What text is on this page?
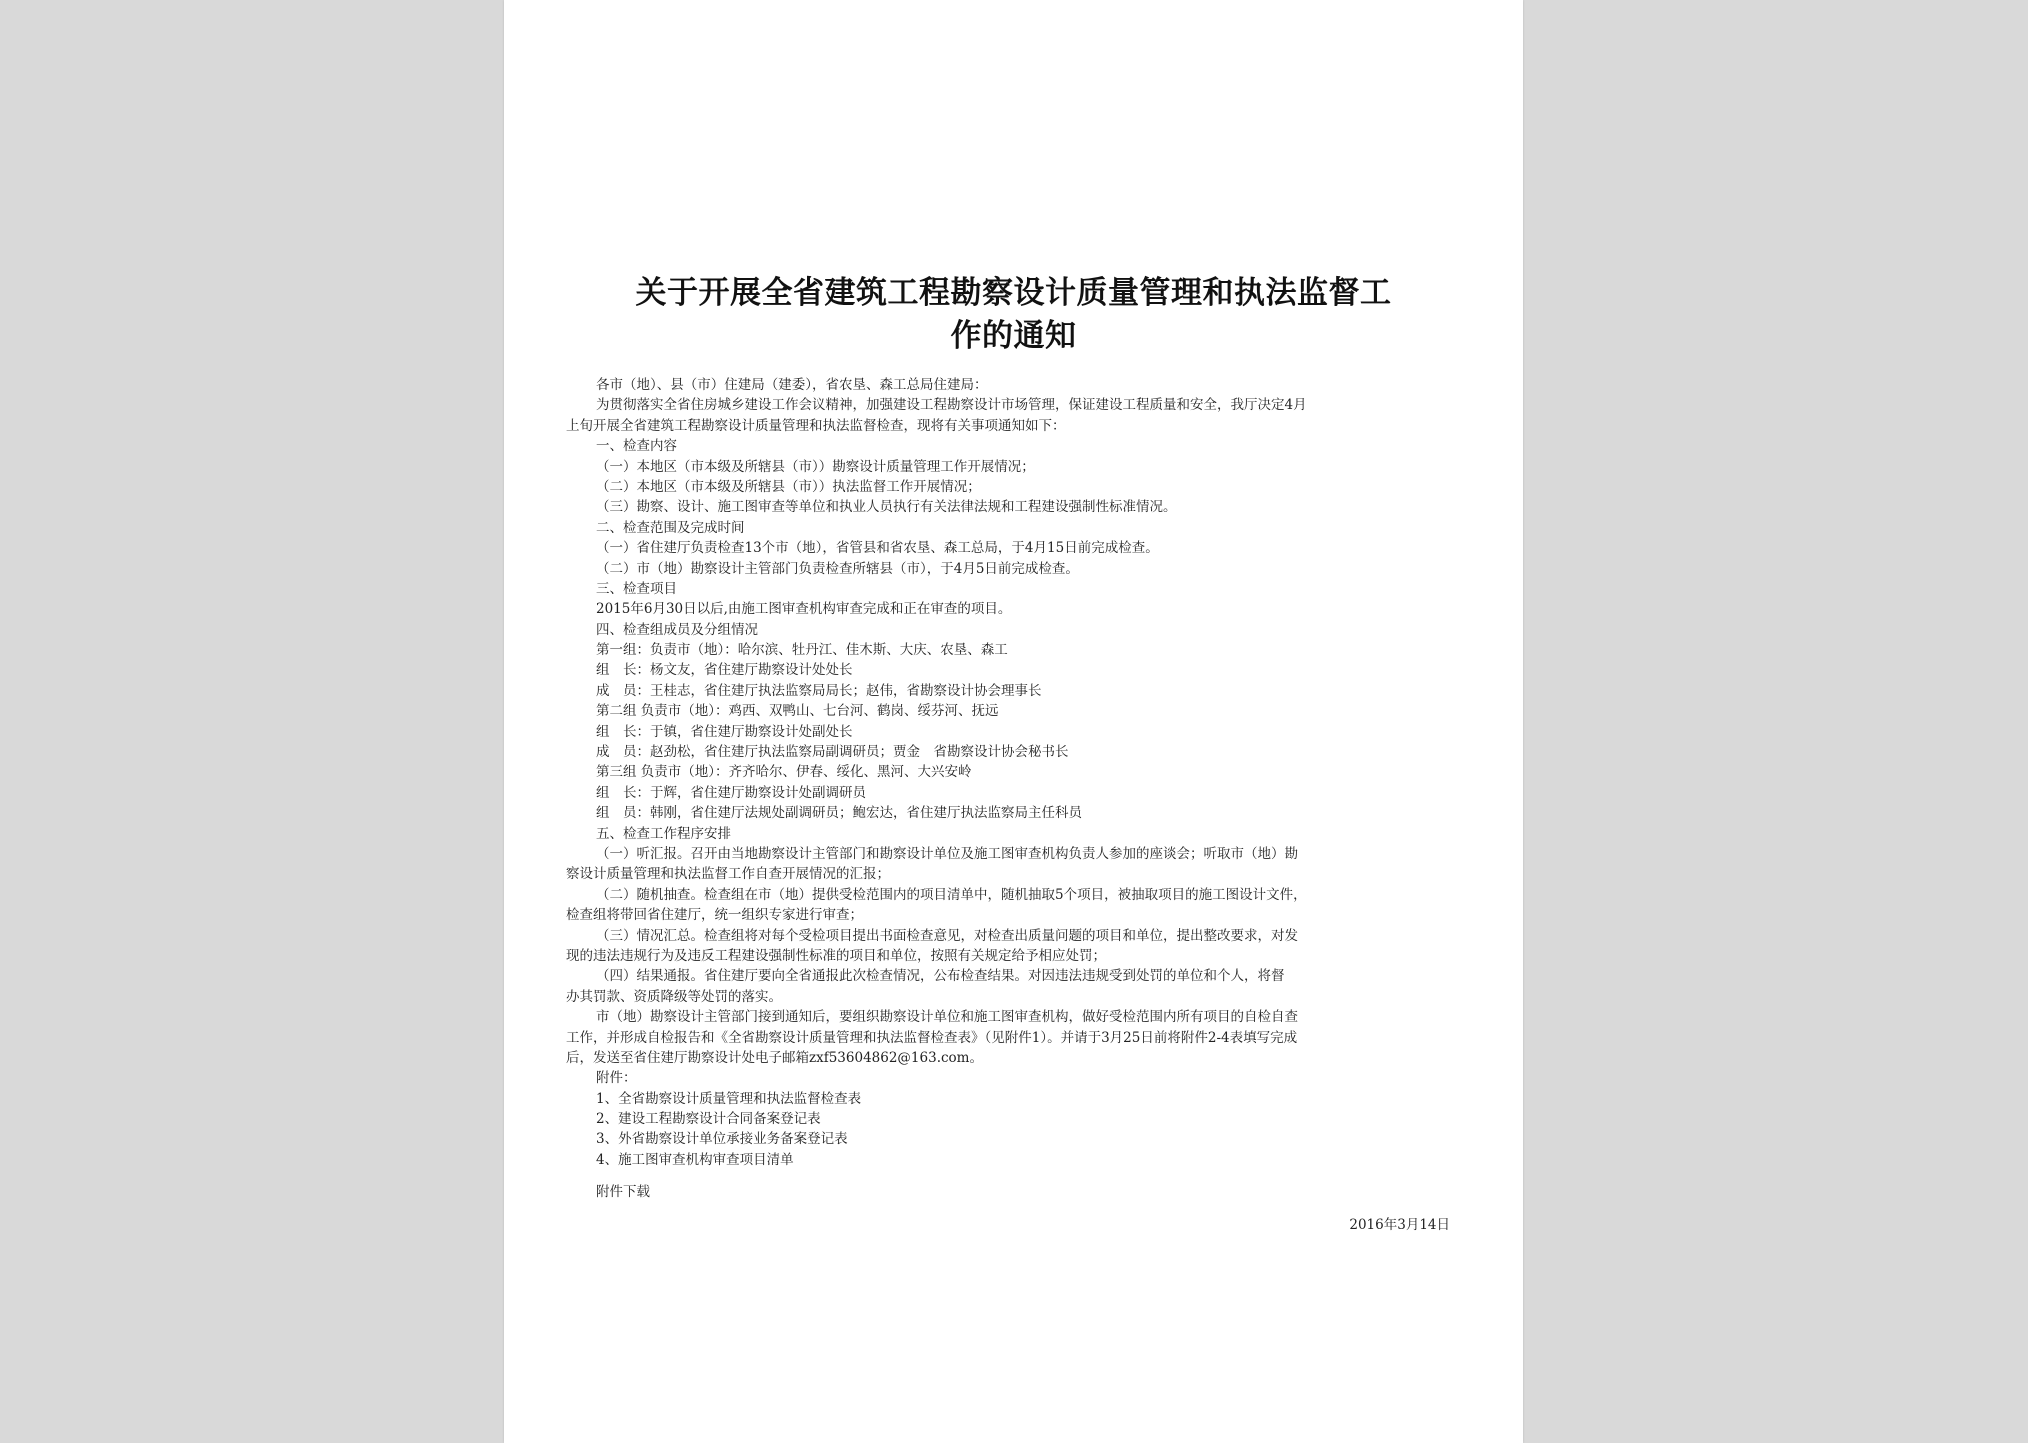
关于开展全省建筑工程勘察设计质量管理和执法监督工
作的通知
各市（地）、县（市）住建局（建委），省农垦、森工总局住建局：
为贯彻落实全省住房城乡建设工作会议精神，加强建设工程勘察设计市场管理，保证建设工程质量和安全，我厅决定4月
上旬开展全省建筑工程勘察设计质量管理和执法监督检查，现将有关事项通知如下：
一、检查内容
（一）本地区（市本级及所辖县（市））勘察设计质量管理工作开展情况；
（二）本地区（市本级及所辖县（市））执法监督工作开展情况；
（三）勘察、设计、施工图审查等单位和执业人员执行有关法律法规和工程建设强制性标准情况。
二、检查范围及完成时间
（一）省住建厅负责检查13个市（地），省管县和省农垦、森工总局，于4月15日前完成检查。
（二）市（地）勘察设计主管部门负责检查所辖县（市），于4月5日前完成检查。
三、检查项目
2015年6月30日以后,由施工图审查机构审查完成和正在审查的项目。
四、检查组成员及分组情况
第一组：负责市（地）：哈尔滨、牡丹江、佳木斯、大庆、农垦、森工
组　长：杨文友，省住建厅勘察设计处处长
成　员：王桂志，省住建厅执法监察局局长；赵伟，省勘察设计协会理事长
第二组 负责市（地）：鸡西、双鸭山、七台河、鹤岗、绥芬河、抚远
组　长：于镇，省住建厅勘察设计处副处长
成　员：赵劲松，省住建厅执法监察局副调研员；贾金　省勘察设计协会秘书长
第三组 负责市（地）：齐齐哈尔、伊春、绥化、黑河、大兴安岭
组　长：于辉，省住建厅勘察设计处副调研员
组　员：韩刚，省住建厅法规处副调研员；鲍宏达，省住建厅执法监察局主任科员
五、检查工作程序安排
（一）听汇报。召开由当地勘察设计主管部门和勘察设计单位及施工图审查机构负责人参加的座谈会；听取市（地）勘
察设计质量管理和执法监督工作自查开展情况的汇报；
（二）随机抽查。检查组在市（地）提供受检范围内的项目清单中，随机抽取5个项目，被抽取项目的施工图设计文件，
检查组将带回省住建厅，统一组织专家进行审查；
（三）情况汇总。检查组将对每个受检项目提出书面检查意见，对检查出质量问题的项目和单位，提出整改要求，对发
现的违法违规行为及违反工程建设强制性标准的项目和单位，按照有关规定给予相应处罚；
（四）结果通报。省住建厅要向全省通报此次检查情况，公布检查结果。对因违法违规受到处罚的单位和个人，将督
办其罚款、资质降级等处罚的落实。
市（地）勘察设计主管部门接到通知后，要组织勘察设计单位和施工图审查机构，做好受检范围内所有项目的自检自查
工作，并形成自检报告和《全省勘察设计质量管理和执法监督检查表》（见附件1）。并请于3月25日前将附件2-4表填写完成
后，发送至省住建厅勘察设计处电子邮箱zxf53604862@163.com。
附件：
1、全省勘察设计质量管理和执法监督检查表
2、建设工程勘察设计合同备案登记表
3、外省勘察设计单位承接业务备案登记表
4、施工图审查机构审查项目清单
附件下载
2016年3月14日
